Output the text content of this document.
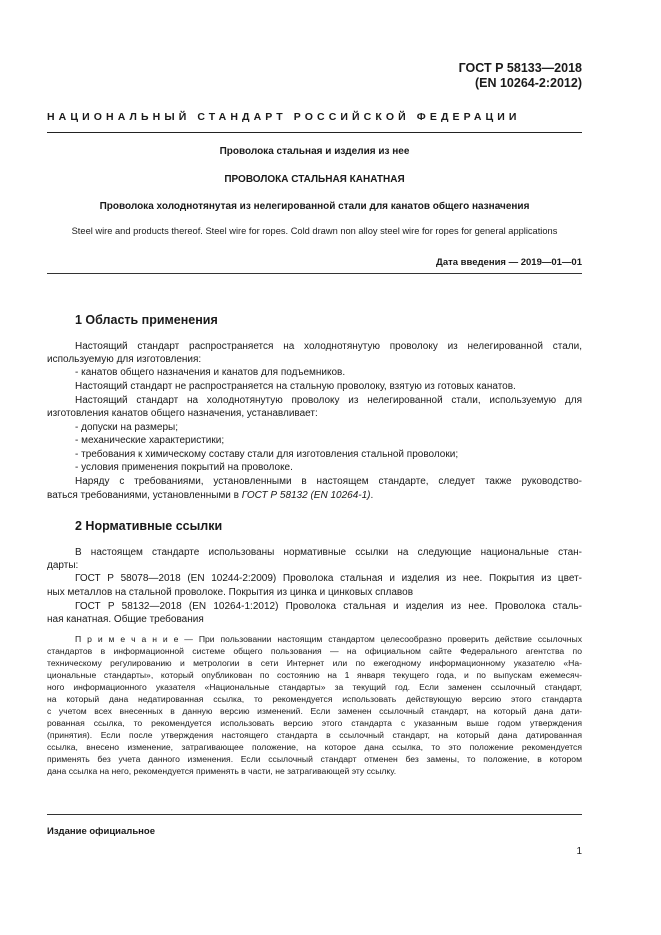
ГОСТ Р 58133—2018
(EN 10264-2:2012)
НАЦИОНАЛЬНЫЙ СТАНДАРТ РОССИЙСКОЙ ФЕДЕРАЦИИ
Проволока стальная и изделия из нее
ПРОВОЛОКА СТАЛЬНАЯ КАНАТНАЯ
Проволока холоднотянутая из нелегированной стали для канатов общего назначения
Steel wire and products thereof. Steel wire for ropes. Cold drawn non alloy steel wire for ropes for general applications
Дата введения — 2019—01—01
1 Область применения
Настоящий стандарт распространяется на холоднотянутую проволоку из нелегированной стали,
используемую для изготовления:
- канатов общего назначения и канатов для подъемников.
Настоящий стандарт не распространяется на стальную проволоку, взятую из готовых канатов.
Настоящий стандарт на холоднотянутую проволоку из нелегированной стали, используемую для
изготовления канатов общего назначения, устанавливает:
- допуски на размеры;
- механические характеристики;
- требования к химическому составу стали для изготовления стальной проволоки;
- условия применения покрытий на проволоке.
Наряду с требованиями, установленными в настоящем стандарте, следует также руководство-
ваться требованиями, установленными в ГОСТ Р 58132 (EN 10264-1).
2 Нормативные ссылки
В настоящем стандарте использованы нормативные ссылки на следующие национальные стан-
дарты:
ГОСТ Р 58078—2018 (EN 10244-2:2009) Проволока стальная и изделия из нее. Покрытия из цвет-
ных металлов на стальной проволоке. Покрытия из цинка и цинковых сплавов
ГОСТ Р 58132—2018 (EN 10264-1:2012) Проволока стальная и изделия из нее. Проволока сталь-
ная канатная. Общие требования
П р и м е ч а н и е — При пользовании настоящим стандартом целесообразно проверить действие ссылочных
стандартов в информационной системе общего пользования — на официальном сайте Федерального агентства по
техническому регулированию и метрологии в сети Интернет или по ежегодному информационному указателю «На-
циональные стандарты», который опубликован по состоянию на 1 января текущего года, и по выпускам ежемесяч-
ного информационного указателя «Национальные стандарты» за текущий год. Если заменен ссылочный стандарт,
на который дана недатированная ссылка, то рекомендуется использовать действующую версию этого стандарта
с учетом всех внесенных в данную версию изменений. Если заменен ссылочный стандарт, на который дана дати-
рованная ссылка, то рекомендуется использовать версию этого стандарта с указанным выше годом утверждения
(принятия). Если после утверждения настоящего стандарта в ссылочный стандарт, на который дана датированная
ссылка, внесено изменение, затрагивающее положение, на которое дана ссылка, то это положение рекомендуется
применять без учета данного изменения. Если ссылочный стандарт отменен без замены, то положение, в котором
дана ссылка на него, рекомендуется применять в части, не затрагивающей эту ссылку.
Издание официальное
1
